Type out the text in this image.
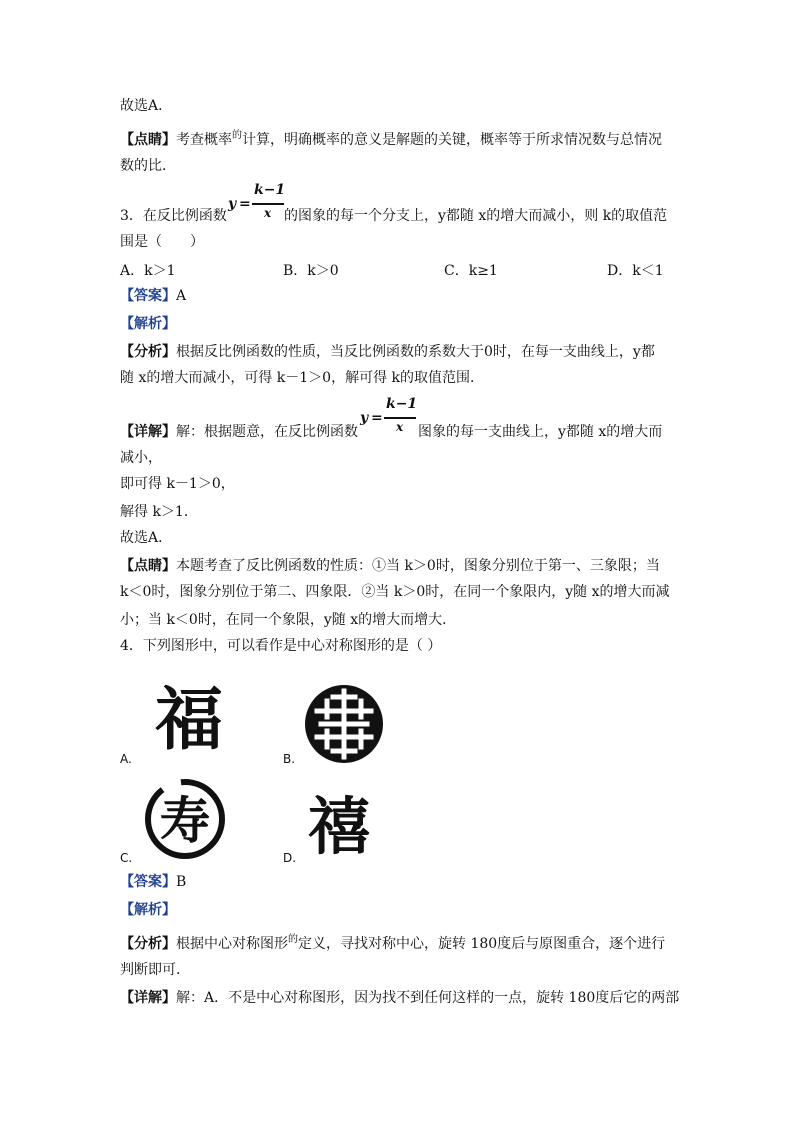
故选A．
【点睛】考查概率$^的$计算，明确概率的意义是解题的关键，概率等于所求情况数与总情况
数的比．
3．在反比例函数
y =
k−1
x 的图象的每一个分支上，y都随 x的增大而减小，则 k的取值范
围是（　　）
A．k＞1	B．k＞0	C．k≥1	D．k＜1
【答案】A
【解析】
【分析】根据反比例函数的性质，当反比例函数的系数大于0时，在每一支曲线上，y都
随 x的增大而减小，可得 k－1＞0，解可得 k的取值范围．
【详解】解：根据题意，在反比例函数
y =
k−1
x 图象的每一支曲线上，y都随 x的增大而
减小，
即可得 k－1＞0，
解得 k＞1．
故选A．
【点睛】本题考查了反比例函数的性质：①当 k＞0时，图象分别位于第一、三象限；当
k＜0时，图象分别位于第二、四象限．②当 k＞0时，在同一个象限内，y随 x的增大而减
小；当 k＜0时，在同一个象限，y随 x的增大而增大．
4．下列图形中，可以看作是中心对称图形的是（ ）
福
A.	B.
寿
C.	禧
D.
【答案】B
【解析】
【分析】根据中心对称图形$^的$定义，寻找对称中心，旋转 180度后与原图重合，逐个进行
判断即可．
【详解】解：A．不是中心对称图形，因为找不到任何这样的一点，旋转 180度后它的两部
